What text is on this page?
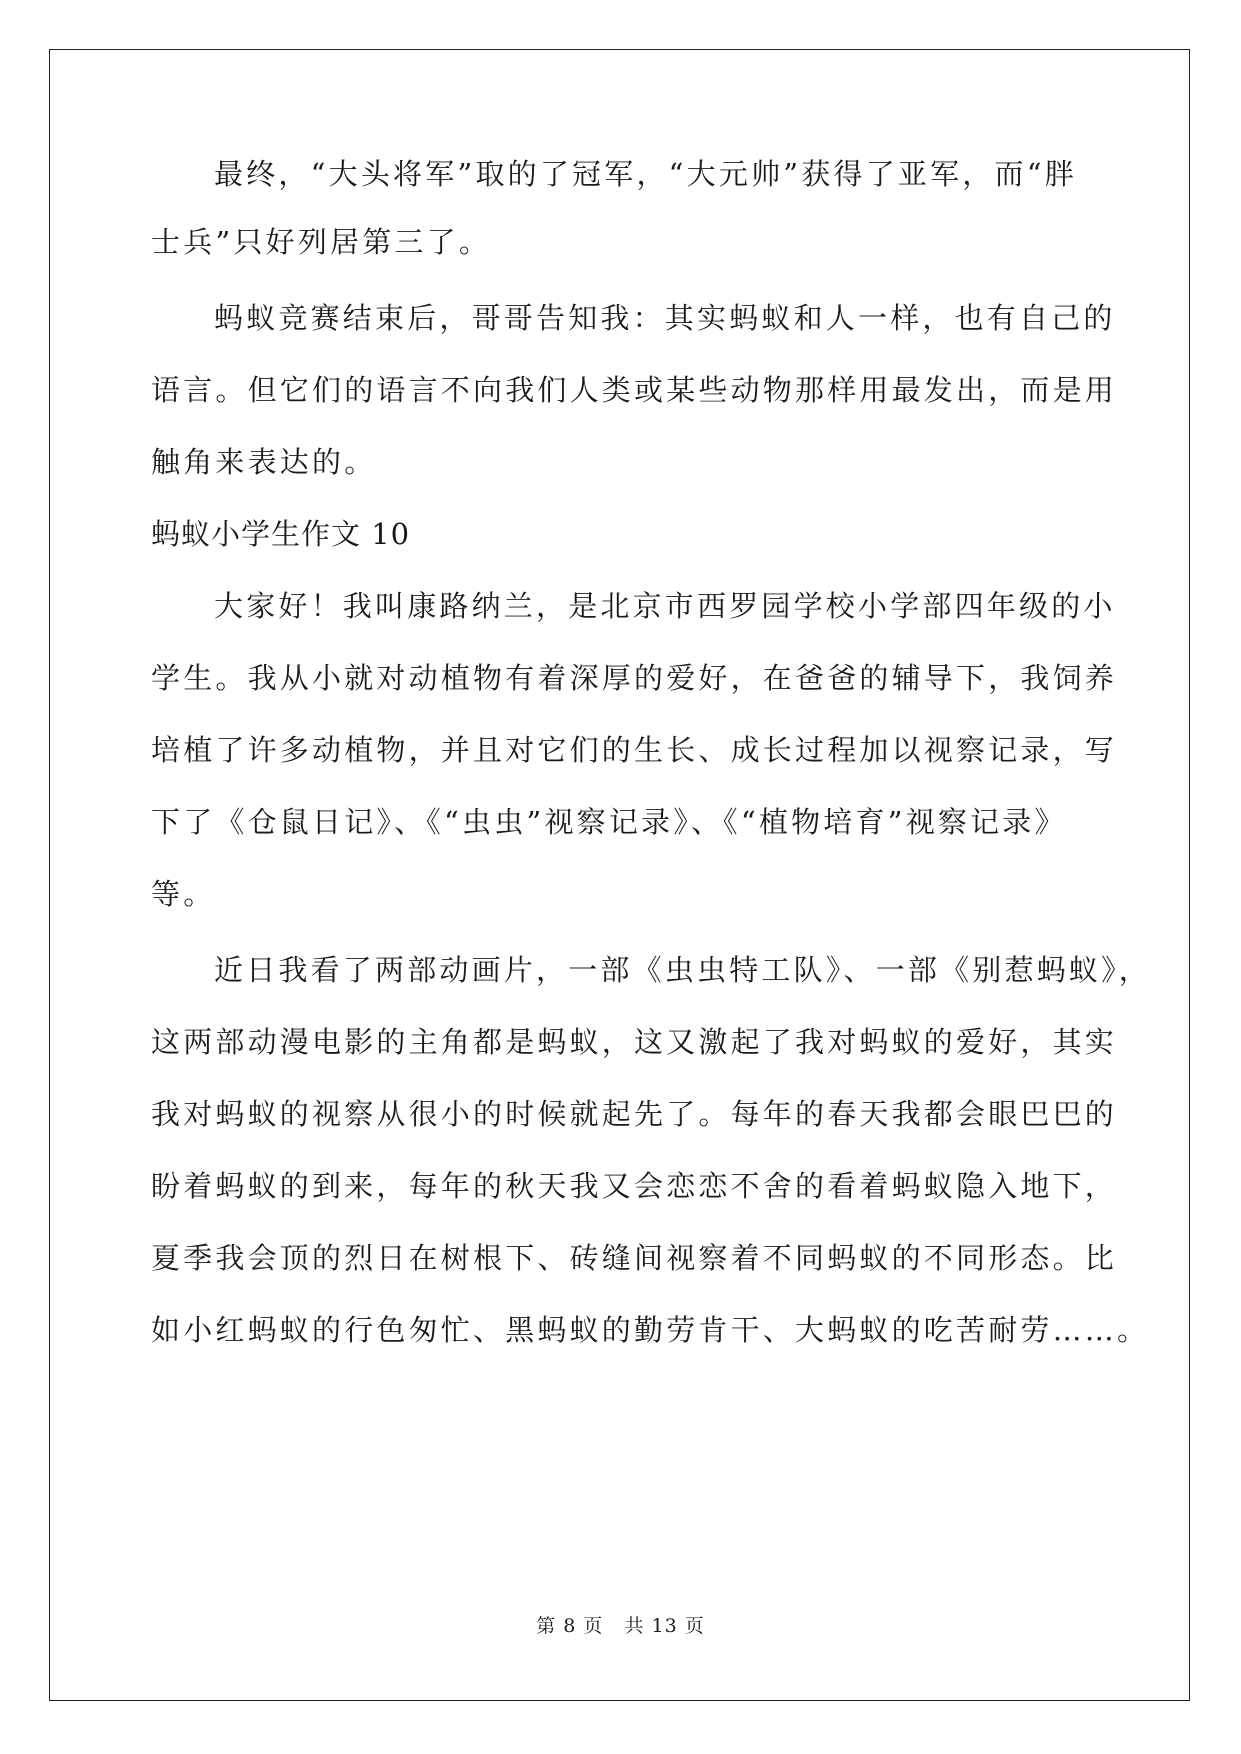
最终，“大头将军”取的了冠军，“大元帅”获得了亚军，而“胖
士兵”只好列居第三了。
蚂蚁竞赛结束后，哥哥告知我：其实蚂蚁和人一样，也有自己的
语言。但它们的语言不向我们人类或某些动物那样用最发出，而是用
触角来表达的。
蚂蚁小学生作文 10
大家好！我叫康路纳兰，是北京市西罗园学校小学部四年级的小
学生。我从小就对动植物有着深厚的爱好，在爸爸的辅导下，我饲养
培植了许多动植物，并且对它们的生长、成长过程加以视察记录，写
下了《仓鼠日记》、《“虫虫”视察记录》、《“植物培育”视察记录》
等。
近日我看了两部动画片，一部《虫虫特工队》、一部《别惹蚂蚁》，
这两部动漫电影的主角都是蚂蚁，这又激起了我对蚂蚁的爱好，其实
我对蚂蚁的视察从很小的时候就起先了。每年的春天我都会眼巴巴的
盼着蚂蚁的到来，每年的秋天我又会恋恋不舍的看着蚂蚁隐入地下，
夏季我会顶的烈日在树根下、砖缝间视察着不同蚂蚁的不同形态。比
如小红蚂蚁的行色匆忙、黑蚂蚁的勤劳肯干、大蚂蚁的吃苦耐劳……。
第 8 页   共 13 页
